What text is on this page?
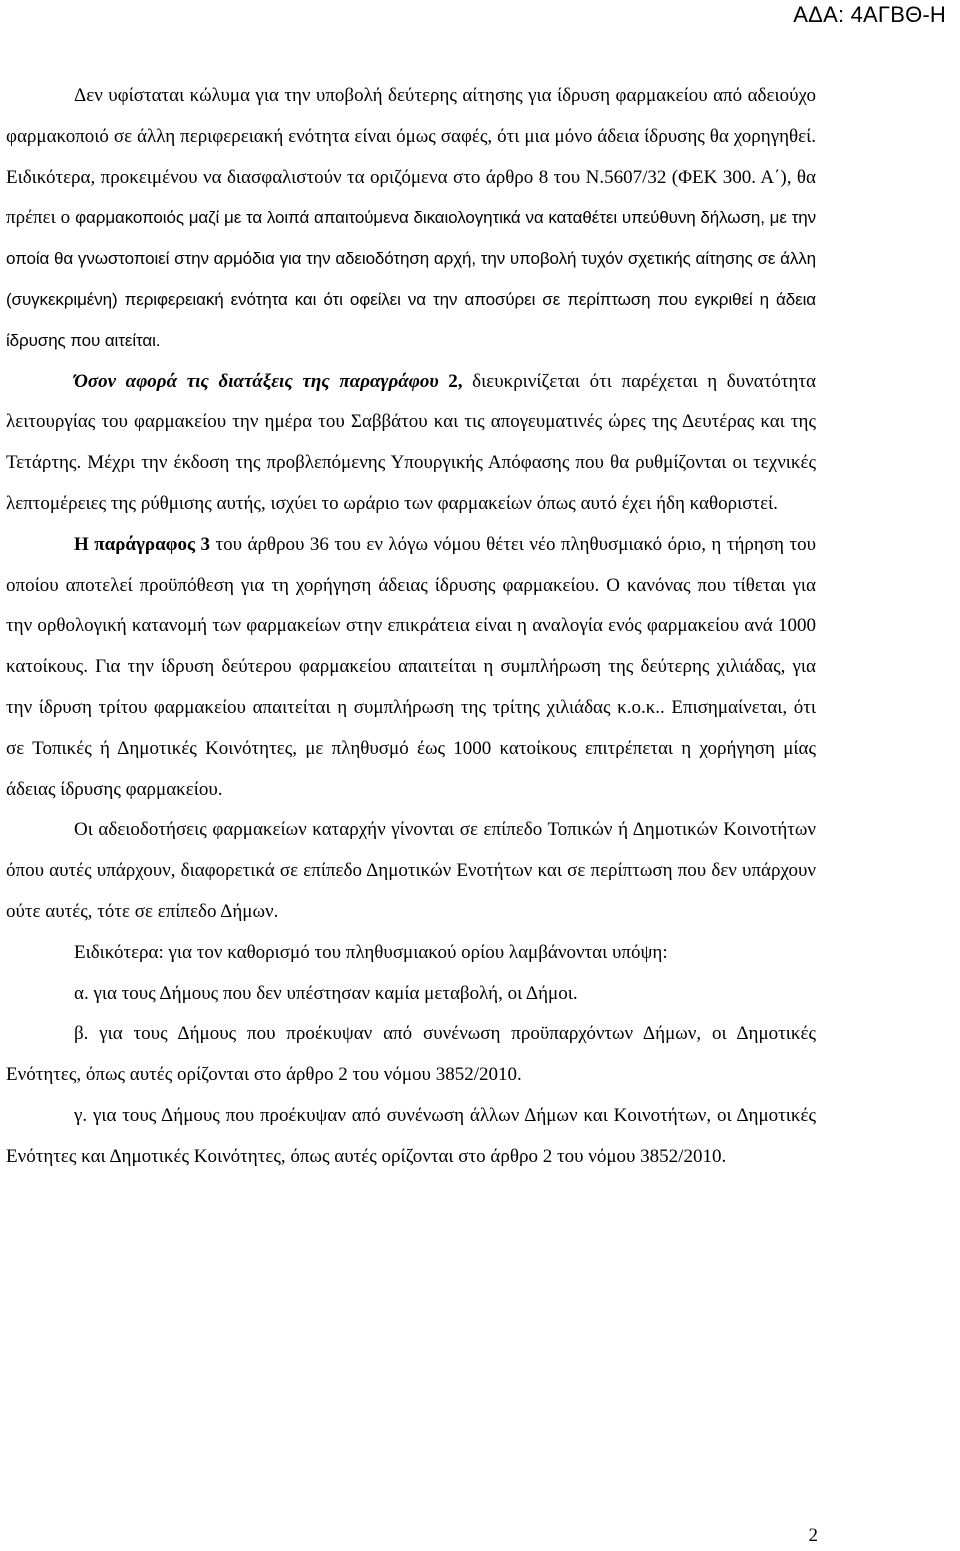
ΑΔΑ: 4ΑΓΒΘ-Η

Δεν υφίσταται κώλυμα για την υποβολή δεύτερης αίτησης για ίδρυση φαρμακείου από αδειούχο φαρμακοποιό σε άλλη περιφερειακή ενότητα είναι όμως σαφές, ότι μια μόνο άδεια ίδρυσης θα χορηγηθεί. Ειδικότερα, προκειμένου να διασφαλιστούν τα οριζόμενα στο άρθρο 8 του Ν.5607/32 (ΦΕΚ 300. Α΄), θα πρέπει ο φαρμακοποιός μαζί με τα λοιπά απαιτούμενα δικαιολογητικά να καταθέτει υπεύθυνη δήλωση, με την οποία θα γνωστοποιεί στην αρμόδια για την αδειοδότηση αρχή, την υποβολή τυχόν σχετικής αίτησης σε άλλη (συγκεκριμένη) περιφερειακή ενότητα και ότι οφείλει να την αποσύρει σε περίπτωση που εγκριθεί η άδεια ίδρυσης που αιτείται.

Όσον αφορά τις διατάξεις της παραγράφου 2, διευκρινίζεται ότι παρέχεται η δυνατότητα λειτουργίας του φαρμακείου την ημέρα του Σαββάτου και τις απογευματινές ώρες της Δευτέρας και της Τετάρτης. Μέχρι την έκδοση της προβλεπόμενης Υπουργικής Απόφασης που θα ρυθμίζονται οι τεχνικές λεπτομέρειες της ρύθμισης αυτής, ισχύει το ωράριο των φαρμακείων όπως αυτό έχει ήδη καθοριστεί.

Η παράγραφος 3 του άρθρου 36 του εν λόγω νόμου θέτει νέο πληθυσμιακό όριο, η τήρηση του οποίου αποτελεί προϋπόθεση για τη χορήγηση άδειας ίδρυσης φαρμακείου. Ο κανόνας που τίθεται για την ορθολογική κατανομή των φαρμακείων στην επικράτεια είναι η αναλογία ενός φαρμακείου ανά 1000 κατοίκους. Για την ίδρυση δεύτερου φαρμακείου απαιτείται η συμπλήρωση της δεύτερης χιλιάδας, για την ίδρυση τρίτου φαρμακείου απαιτείται η συμπλήρωση της τρίτης χιλιάδας κ.ο.κ.. Επισημαίνεται, ότι σε Τοπικές ή Δημοτικές Κοινότητες, με πληθυσμό έως 1000 κατοίκους επιτρέπεται η χορήγηση μίας άδειας ίδρυσης φαρμακείου.

Οι αδειοδοτήσεις φαρμακείων καταρχήν γίνονται σε επίπεδο Τοπικών ή Δημοτικών Κοινοτήτων όπου αυτές υπάρχουν, διαφορετικά σε επίπεδο Δημοτικών Ενοτήτων και σε περίπτωση που δεν υπάρχουν ούτε αυτές, τότε σε επίπεδο Δήμων.

Ειδικότερα: για τον καθορισμό του πληθυσμιακού ορίου λαμβάνονται υπόψη:

α. για τους Δήμους που δεν υπέστησαν καμία μεταβολή, οι Δήμοι.

β. για τους Δήμους που προέκυψαν από συνένωση προϋπαρχόντων Δήμων, οι Δημοτικές Ενότητες, όπως αυτές ορίζονται στο άρθρο 2 του νόμου 3852/2010.

γ. για τους Δήμους που προέκυψαν από συνένωση άλλων Δήμων και Κοινοτήτων, οι Δημοτικές Ενότητες και Δημοτικές Κοινότητες, όπως αυτές ορίζονται στο άρθρο 2 του νόμου 3852/2010.

2
